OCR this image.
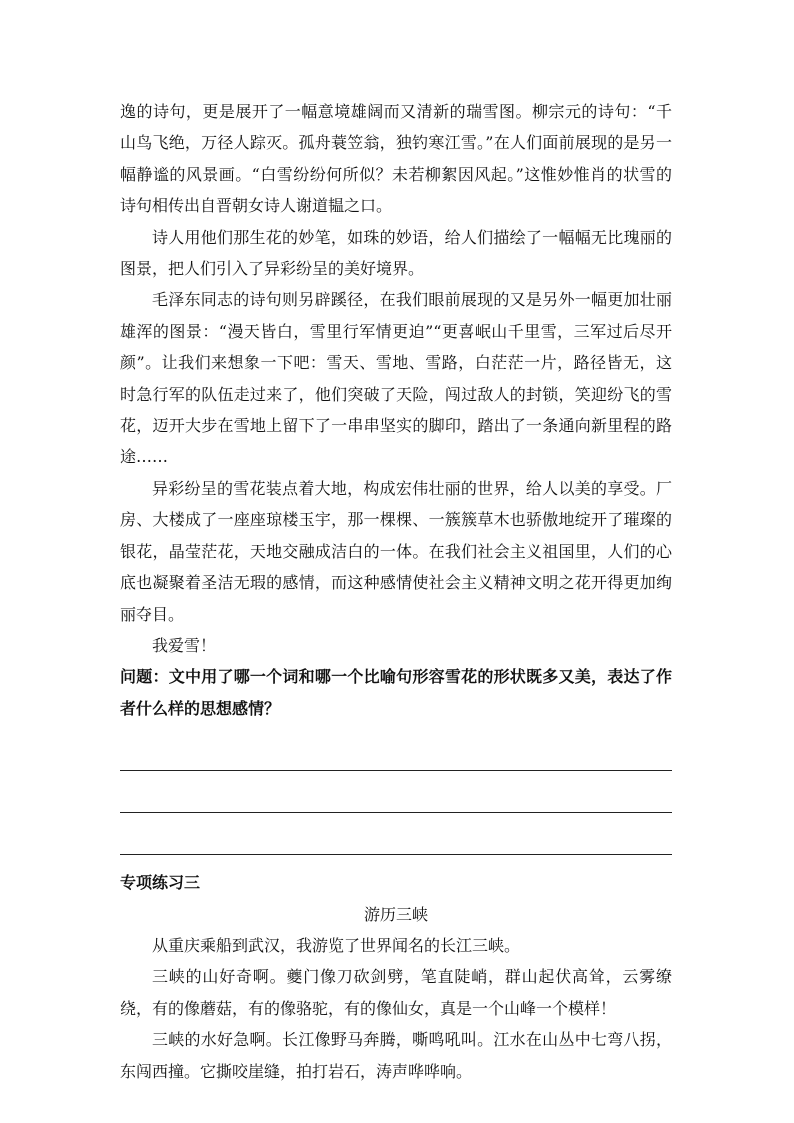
逸的诗句，更是展开了一幅意境雄阔而又清新的瑞雪图。柳宗元的诗句：“千山鸟飞绝，万径人踪灭。孤舟蓑笠翁，独钓寒江雪。”在人们面前展现的是另一幅静谧的风景画。“白雪纷纷何所似？未若柳絮因风起。”这惟妙惟肖的状雪的诗句相传出自晋朝女诗人谢道韫之口。

诗人用他们那生花的妙笔，如珠的妙语，给人们描绘了一幅幅无比瑰丽的图景，把人们引入了异彩纷呈的美好境界。

毛泽东同志的诗句则另辟蹊径，在我们眼前展现的又是另外一幅更加壮丽雄浑的图景：“漫天皆白，雪里行军情更迫”“更喜岷山千里雪，三军过后尽开颜”。让我们来想象一下吧：雪天、雪地、雪路，白茫茫一片，路径皆无，这时急行军的队伍走过来了，他们突破了天险，闯过敌人的封锁，笑迎纷飞的雪花，迈开大步在雪地上留下了一串串坚实的脚印，踏出了一条通向新里程的路途……

异彩纷呈的雪花装点着大地，构成宏伟壮丽的世界，给人以美的享受。厂房、大楼成了一座座琼楼玉宇，那一棵棵、一簇簇草木也骄傲地绽开了璀璨的银花，晶莹茫花，天地交融成洁白的一体。在我们社会主义祖国里，人们的心底也凝聚着圣洁无瑕的感情，而这种感情使社会主义精神文明之花开得更加绚丽夺目。

我爱雪！

问题：文中用了哪一个词和哪一个比喻句形容雪花的形状既多又美，表达了作者什么样的思想感情？

专项练习三

游历三峡

从重庆乘船到武汉，我游览了世界闻名的长江三峡。

三峡的山好奇啊。夔门像刀砍剑劈，笔直陡峭，群山起伏高耸，云雾缭绕，有的像蘑菇，有的像骆驼，有的像仙女，真是一个山峰一个模样！

三峡的水好急啊。长江像野马奔腾，嘶鸣吼叫。江水在山丛中七弯八拐，东闯西撞。它撕咬崖缝，拍打岩石，涛声哗哗响。
